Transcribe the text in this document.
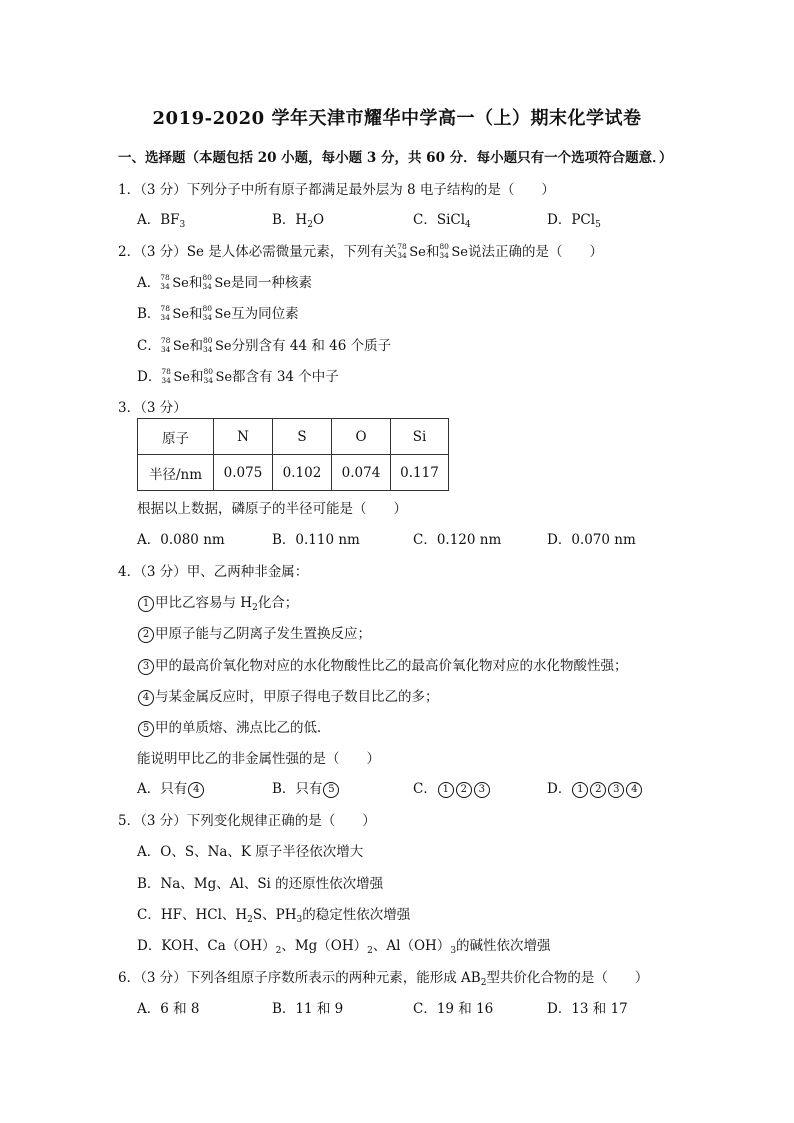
2019-2020 学年天津市耀华中学高一（上）期末化学试卷
一、选择题（本题包括 20 小题，每小题 3 分，共 60 分．每小题只有一个选项符合题意．）
1．（3 分）下列分子中所有原子都满足最外层为 8 电子结构的是（　　）
A．$BF_3$	B．$H_2O$	C．SiCl$_4$	D．PCl$_5$
2．（3 分）Se 是人体必需微量元素，下列有关 78
34 Se和 80
34 Se说法正确的是（　　）
A． 78
34 Se和 80
34 Se是同一种核素
B． 78
34 Se和 80
34 Se互为同位素
C． 78
34 Se和 80
34 Se分别含有 44 和 46 个质子
D． 78
34 Se和 80
34 Se都含有 34 个中子
3．（3 分）
原子	N	S	O	Si
半径/nm	0.075	0.102	0.074	0.117
根据以上数据，磷原子的半径可能是（　　）
A．0.080 nm	B．0.110 nm	C．0.120 nm	D．0.070 nm
4．（3 分）甲、乙两种非金属：
1 甲比乙容易与 $H_2$化合；
2 甲原子能与乙阴离子发生置换反应；
3 甲的最高价氧化物对应的水化物酸性比乙的最高价氧化物对应的水化物酸性强；
4 与某金属反应时，甲原子得电子数目比乙的多；
5 甲的单质熔、沸点比乙的低．
能说明甲比乙的非金属性强的是（　　）
A．只有 4	B．只有 5	C． 1 2 3	D． 1 2 3 4
5．（3 分）下列变化规律正确的是（　　）
A．O、S、Na、K 原子半径依次增大
B．Na、Mg、Al、Si 的还原性依次增强
C．HF、HCl、$H_2S$、$PH_3$的稳定性依次增强
D．KOH、$Ca(OH)_2$、$Mg(OH)_2$、$Al(OH)_3$的碱性依次增强
6．（3 分）下列各组原子序数所表示的两种元素，能形成 $AB_2$型共价化合物的是（　　）
A．6 和 8	B．11 和 9	C．19 和 16	D．13 和 17
